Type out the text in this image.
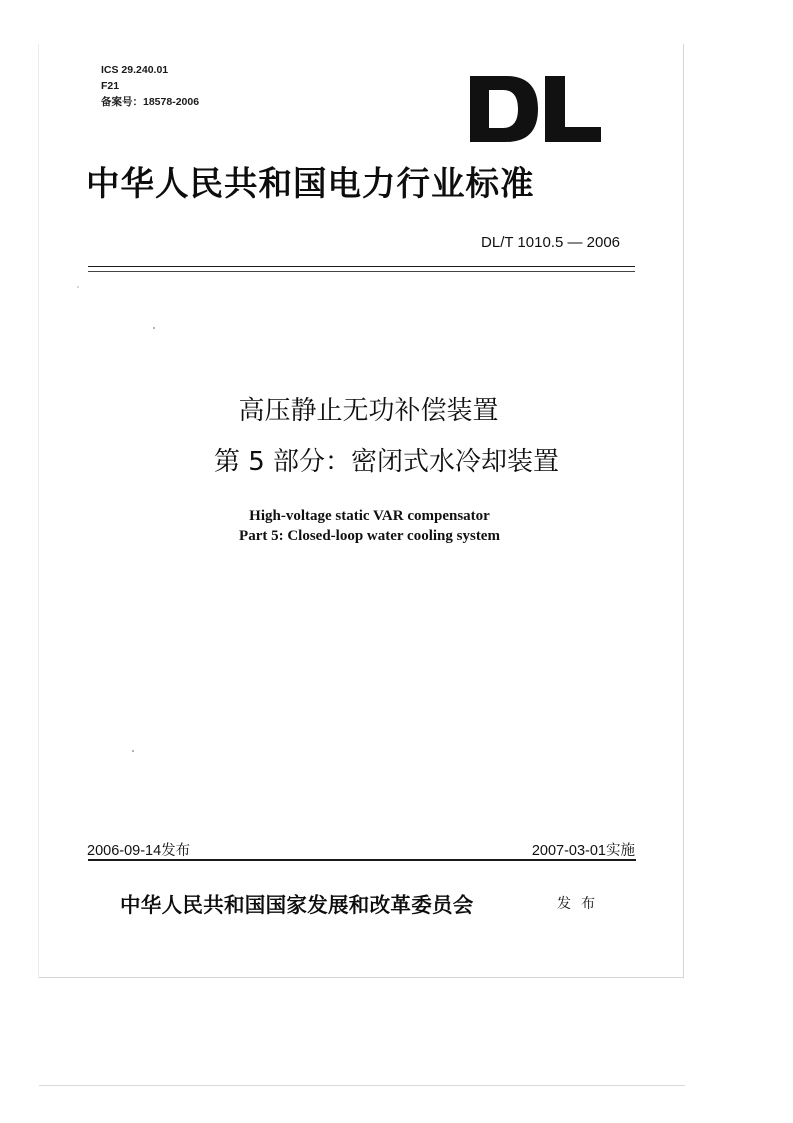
ICS 29.240.01
F21
备案号：18578-2006
中华人民共和国电力行业标准
DL/T 1010.5 — 2006
高压静止无功补偿装置
第 5 部分：密闭式水冷却装置
High-voltage static VAR compensator
Part 5: Closed-loop water cooling system
2006-09-14发布	2007-03-01实施
中华人民共和国国家发展和改革委员会	发布
